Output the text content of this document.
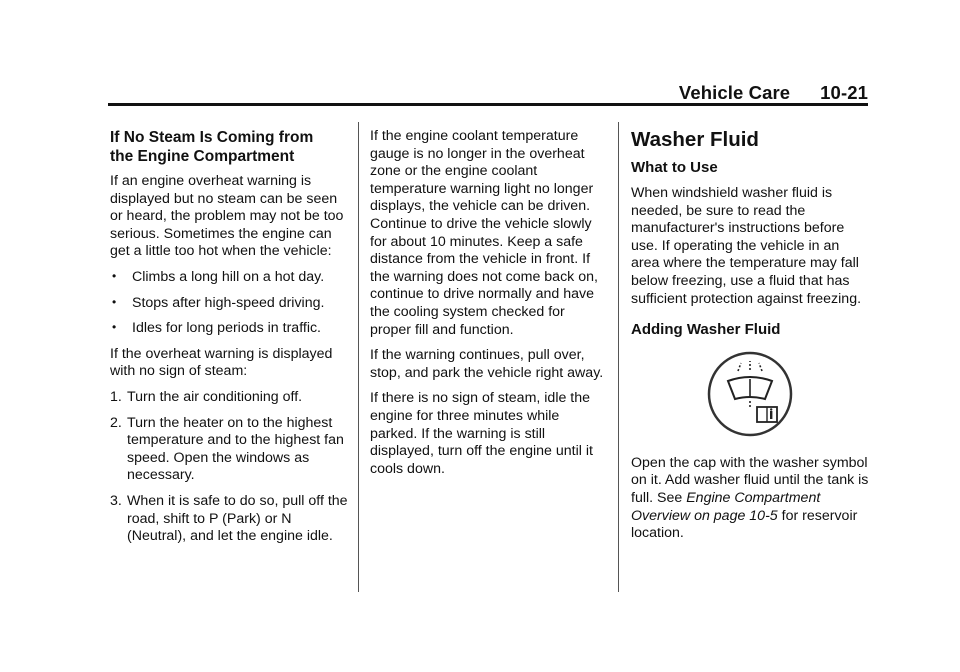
Vehicle Care 10-21
If No Steam Is Coming from
the Engine Compartment

If an engine overheat warning is displayed but no steam can be seen or heard, the problem may not be too serious. Sometimes the engine can get a little too hot when the vehicle:

• Climbs a long hill on a hot day.
• Stops after high-speed driving.
• Idles for long periods in traffic.

If the overheat warning is displayed with no sign of steam:

1. Turn the air conditioning off.
2. Turn the heater on to the highest temperature and to the highest fan speed. Open the windows as necessary.
3. When it is safe to do so, pull off the road, shift to P (Park) or N (Neutral), and let the engine idle.

If the engine coolant temperature gauge is no longer in the overheat zone or the engine coolant temperature warning light no longer displays, the vehicle can be driven. Continue to drive the vehicle slowly for about 10 minutes. Keep a safe distance from the vehicle in front. If the warning does not come back on, continue to drive normally and have the cooling system checked for proper fill and function.

If the warning continues, pull over, stop, and park the vehicle right away.

If there is no sign of steam, idle the engine for three minutes while parked. If the warning is still displayed, turn off the engine until it cools down.

Washer Fluid
What to Use

When windshield washer fluid is needed, be sure to read the manufacturer's instructions before use. If operating the vehicle in an area where the temperature may fall below freezing, use a fluid that has sufficient protection against freezing.

Adding Washer Fluid

Open the cap with the washer symbol on it. Add washer fluid until the tank is full. See Engine Compartment Overview on page 10-5 for reservoir location.
